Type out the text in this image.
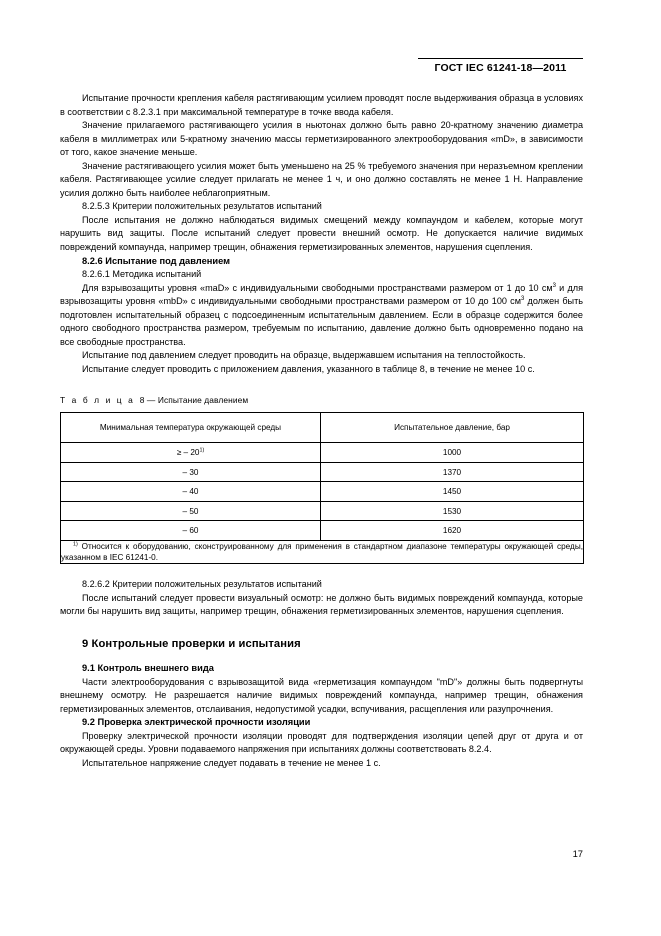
ГОСТ IEC 61241-18—2011

Испытание прочности крепления кабеля растягивающим усилием проводят после выдерживания образца в условиях в соответствии с 8.2.3.1 при максимальной температуре в точке ввода кабеля.

Значение прилагаемого растягивающего усилия в ньютонах должно быть равно 20-кратному значению диаметра кабеля в миллиметрах или 5-кратному значению массы герметизированного электрооборудования «mD», в зависимости от того, какое значение меньше.

Значение растягивающего усилия может быть уменьшено на 25 % требуемого значения при неразъемном креплении кабеля. Растягивающее усилие следует прилагать не менее 1 ч, и оно должно составлять не менее 1 Н. Направление усилия должно быть наиболее неблагоприятным.

8.2.5.3 Критерии положительных результатов испытаний

После испытания не должно наблюдаться видимых смещений между компаундом и кабелем, которые могут нарушить вид защиты. После испытаний следует провести внешний осмотр. Не допускается наличие видимых повреждений компаунда, например трещин, обнажения герметизированных элементов, нарушения сцепления.

8.2.6 Испытание под давлением

8.2.6.1 Методика испытаний

Для взрывозащиты уровня «maD» с индивидуальными свободными пространствами размером от 1 до 10 $см^3$ и для взрывозащиты уровня «mbD» с индивидуальными свободными пространствами размером от 10 до 100 $см^3$ должен быть подготовлен испытательный образец с подсоединенным испытательным давлением. Если в образце содержится более одного свободного пространства размером, требуемым по испытанию, давление должно быть одновременно подано на все свободные пространства.

Испытание под давлением следует проводить на образце, выдержавшем испытания на теплостойкость.

Испытание следует проводить с приложением давления, указанного в таблице 8, в течение не менее 10 с.

Т а б л и ц а 8 — Испытание давлением

Минимальная температура окружающей среды	Испытательное давление, бар
≥ – 20$^{1)}$	1000
– 30	1370
– 40	1450
– 50	1530
– 60	1620

$^{1)}$ Относится к оборудованию, сконструированному для применения в стандартном диапазоне температуры окружающей среды, указанном в IEC 61241-0.	

8.2.6.2 Критерии положительных результатов испытаний

После испытаний следует провести визуальный осмотр: не должно быть видимых повреждений компаунда, которые могли бы нарушить вид защиты, например трещин, обнажения герметизированных элементов, нарушения сцепления.

9 Контрольные проверки и испытания

9.1 Контроль внешнего вида

Части электрооборудования с взрывозащитой вида «герметизация компаундом "mD"» должны быть подвергнуты внешнему осмотру. Не разрешается наличие видимых повреждений компаунда, например трещин, обнажения герметизированных элементов, отслаивания, недопустимой усадки, вспучивания, расщепления или разупрочнения.

9.2 Проверка электрической прочности изоляции

Проверку электрической прочности изоляции проводят для подтверждения изоляции цепей друг от друга и от окружающей среды. Уровни подаваемого напряжения при испытаниях должны соответствовать 8.2.4.

Испытательное напряжение следует подавать в течение не менее 1 с.

17
